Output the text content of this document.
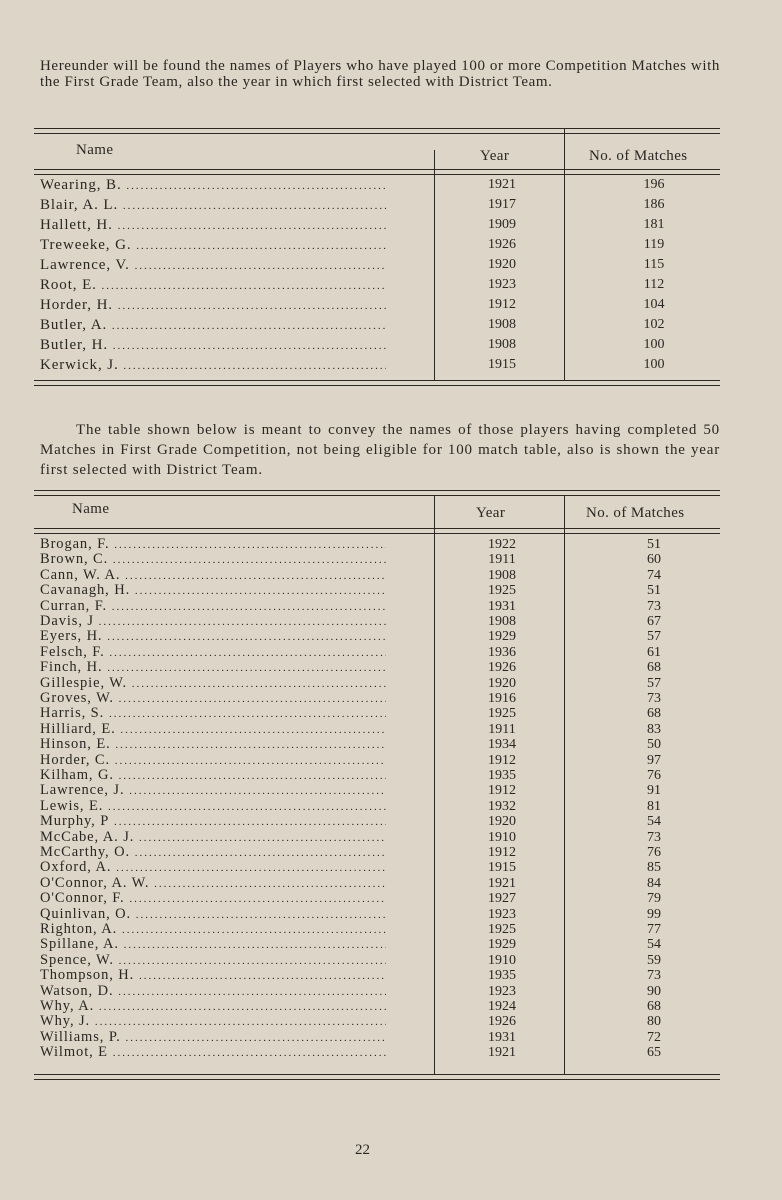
Hereunder will be found the names of Players who have played 100 or more Competition Matches with the First Grade Team, also the year in which first selected with District Team.
Name	Year	No. of Matches
Wearing, B. .....	1921	196
Blair, A. L. .....	1917	186
Hallett, H. .....	1909	181
Treweeke, G. .....	1926	119
Lawrence, V. .....	1920	115
Root, E. .....	1923	112
Horder, H. .....	1912	104
Butler, A. .....	1908	102
Butler, H. .....	1908	100
Kerwick, J. .....	1915	100
The table shown below is meant to convey the names of those players having completed 50 Matches in First Grade Competition, not being eligible for 100 match table, also is shown the year first selected with District Team.
Name	Year	No. of Matches
Brogan, F. .....	1922	51
Brown, C. .....	1911	60
Cann, W. A. .....	1908	74
Cavanagh, H. .....	1925	51
Curran, F. .....	1931	73
Davis, J .....	1908	67
Eyers, H. .....	1929	57
Felsch, F. .....	1936	61
Finch, H. .....	1926	68
Gillespie, W. .....	1920	57
Groves, W. .....	1916	73
Harris, S. .....	1925	68
Hilliard, E. .....	1911	83
Hinson, E. .....	1934	50
Horder, C. .....	1912	97
Kilham, G. .....	1935	76
Lawrence, J. .....	1912	91
Lewis, E. .....	1932	81
Murphy, P .....	1920	54
McCabe, A. J. .....	1910	73
McCarthy, O. .....	1912	76
Oxford, A. .....	1915	85
O'Connor, A. W. .....	1921	84
O'Connor, F. .....	1927	79
Quinlivan, O. .....	1923	99
Righton, A. .....	1925	77
Spillane, A. .....	1929	54
Spence, W. .....	1910	59
Thompson, H. .....	1935	73
Watson, D. .....	1923	90
Why, A. .....	1924	68
Why, J. .....	1926	80
Williams, P. .....	1931	72
Wilmot, E .....	1921	65
22
